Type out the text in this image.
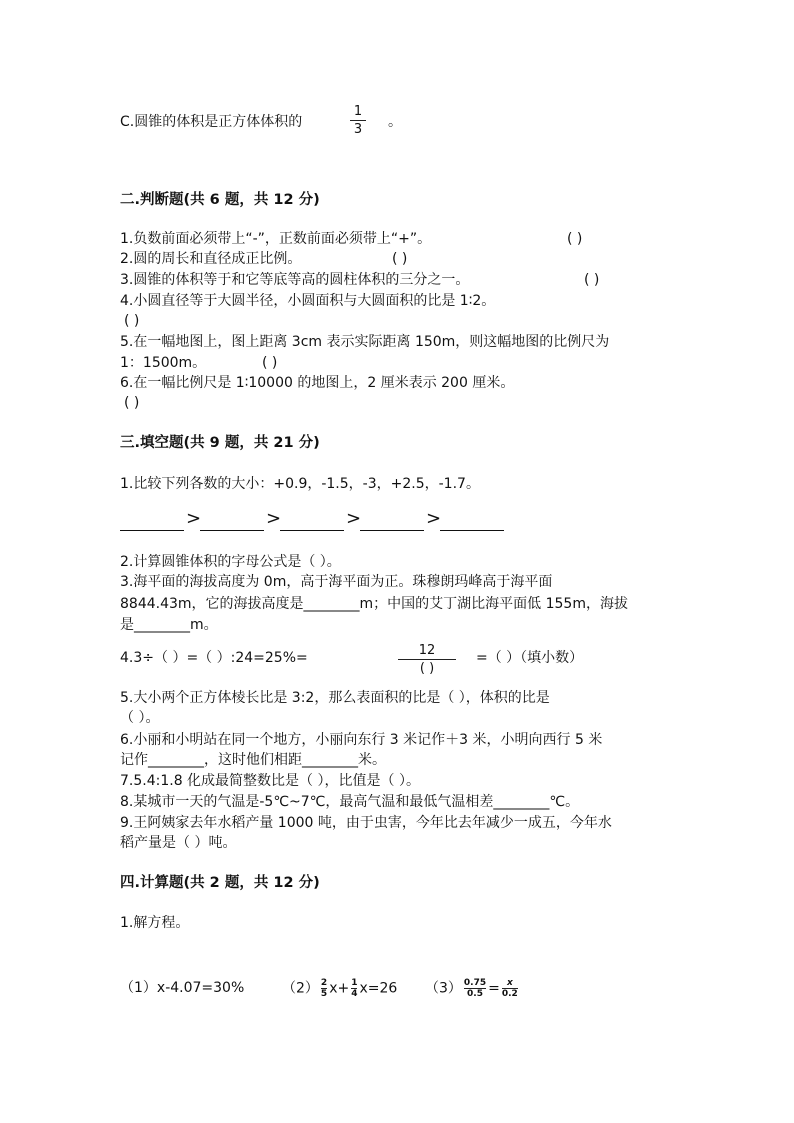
C.圆锥的体积是正方体体积的
1
3 。
二.判断题(共 6 题，共 12 分)
1.负数前面必须带上“-”，正数前面必须带上“+”。	( )
2.圆的周长和直径成正比例。	( )
3.圆锥的体积等于和它等底等高的圆柱体积的三分之一。	( )
4.小圆直径等于大圆半径，小圆面积与大圆面积的比是 1∶2。
( )
5.在一幅地图上，图上距离 3cm 表示实际距离 150m，则这幅地图的比例尺为
1：1500m。	( )
6.在一幅比例尺是 1∶10000 的地图上，2 厘米表示 200 厘米。
( )
三.填空题(共 9 题，共 21 分)
1.比较下列各数的大小：+0.9，-1.5，-3，+2.5，-1.7。
>	>	>	>
2.计算圆锥体积的字母公式是（ ）。
3.海平面的海拔高度为 0m，高于海平面为正。珠穆朗玛峰高于海平面
8844.43m，它的海拔高度是________m；中国的艾丁湖比海平面低 155m，海拔
是________m。
4.3÷（ ）=（ ）:24=25%=	12
( )
=（ ）（填小数）
5.大小两个正方体棱长比是 3:2，那么表面积的比是（ ），体积的比是
（ ）。
6.小丽和小明站在同一个地方，小丽向东行 3 米记作＋3 米，小明向西行 5 米
记作________，这时他们相距________米。
7.5.4:1.8 化成最简整数比是（ ），比值是（ ）。
8.某城市一天的气温是-5℃~7℃，最高气温和最低气温相差________℃。
9.王阿姨家去年水稻产量 1000 吨，由于虫害，今年比去年减少一成五，今年水
稻产量是（ ）吨。
四.计算题(共 2 题，共 12 分)
1.解方程。
（1）x-4.07=30%	$(2) \frac{2}{5} x+ \frac{1}{4} x=26$ $(3) \frac{0.75}{0.5} = \frac{x}{0.2}$
